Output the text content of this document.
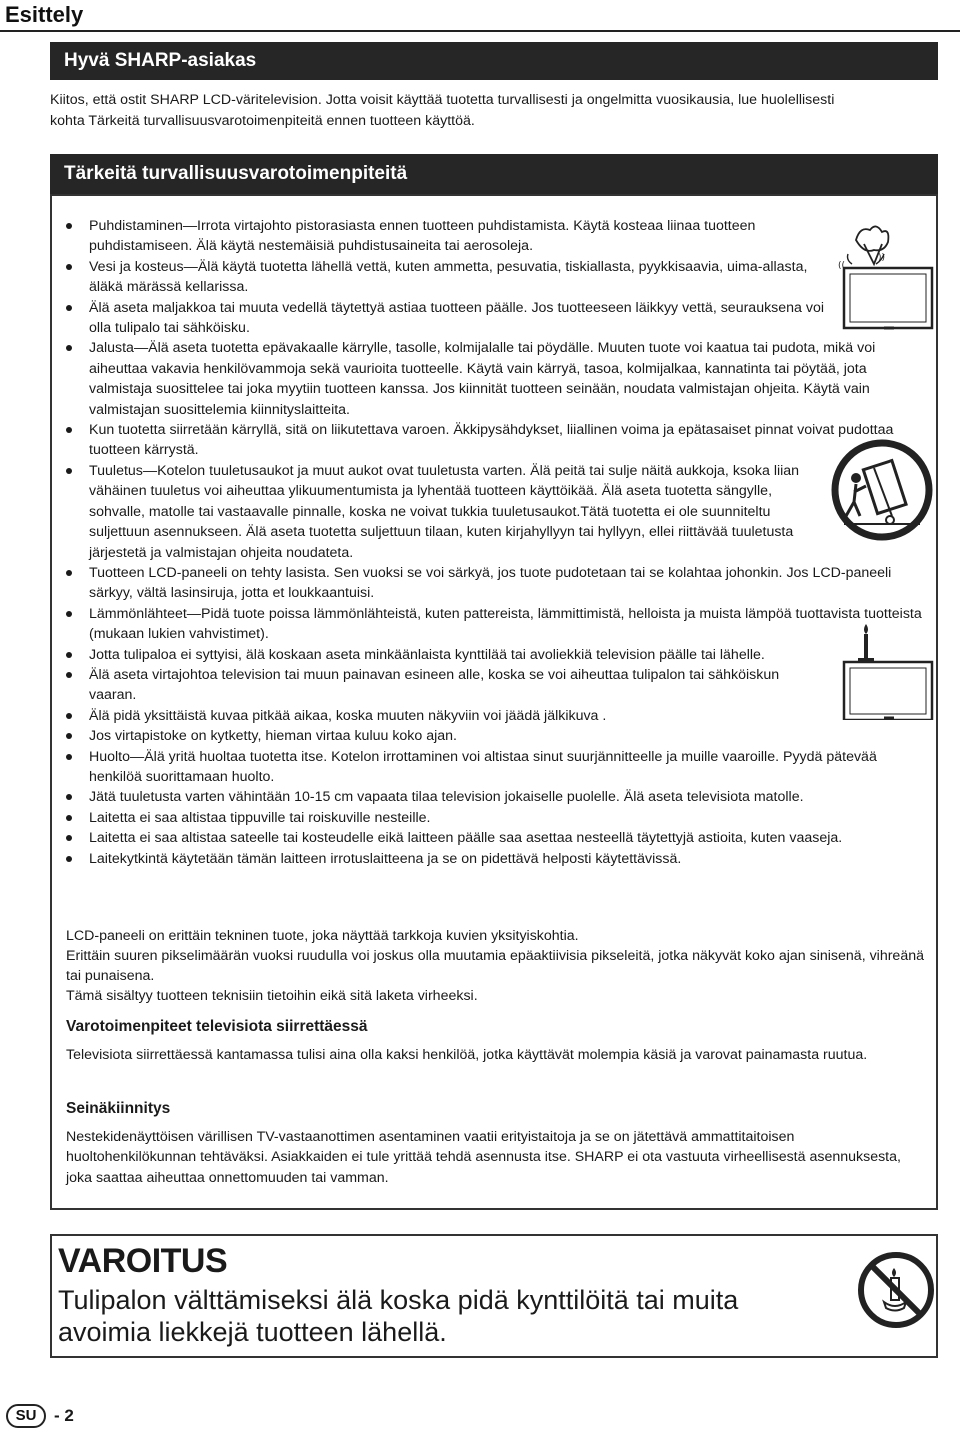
Esittely
Hyvä SHARP-asiakas
Kiitos, että ostit SHARP LCD-väritelevision. Jotta voisit käyttää tuotetta turvallisesti ja ongelmitta vuosikausia, lue huolellisesti
kohta Tärkeitä turvallisuusvarotoimenpiteitä ennen tuotteen käyttöä.
Tärkeitä turvallisuusvarotoimenpiteitä
Puhdistaminen—Irrota virtajohto pistorasiasta ennen tuotteen puhdistamista. Käytä kosteaa liinaa tuotteen puhdistamiseen. Älä käytä nestemäisiä puhdistusaineita tai aerosoleja.
Vesi ja kosteus—Älä käytä tuotetta lähellä vettä, kuten ammetta, pesuvatia, tiskiallasta, pyykkisaavia, uima-allasta, äläkä märässä kellarissa.
Älä aseta maljakkoa tai muuta vedellä täytettyä astiaa tuotteen päälle. Jos tuotteeseen läikkyy vettä, seurauksena voi olla tulipalo tai sähköisku.
Jalusta—Älä aseta tuotetta epävakaalle kärrylle, tasolle, kolmijalalle tai pöydälle. Muuten tuote voi kaatua tai pudota, mikä voi aiheuttaa vakavia henkilövammoja sekä vaurioita tuotteelle. Käytä vain kärryä, tasoa, kolmijalkaa, kannatinta tai pöytää, jota valmistaja suosittelee tai joka myytiin tuotteen kanssa. Jos kiinnität tuotteen seinään, noudata valmistajan ohjeita. Käytä vain valmistajan suosittelemia kiinnityslaitteita.
Kun tuotetta siirretään kärryllä, sitä on liikutettava varoen. Äkkipysähdykset, liiallinen voima ja epätasaiset pinnat voivat pudottaa tuotteen kärrystä.
Tuuletus—Kotelon tuuletusaukot ja muut aukot ovat tuuletusta varten. Älä peitä tai sulje näitä aukkoja, ksoka liian vähäinen tuuletus voi aiheuttaa ylikuumentumista ja lyhentää tuotteen käyttöikää. Älä aseta tuotetta sängylle, sohvalle, matolle tai vastaavalle pinnalle, koska ne voivat tukkia tuuletusaukot.Tätä tuotetta ei ole suunniteltu suljettuun asennukseen. Älä aseta tuotetta suljettuun tilaan, kuten kirjahyllyyn tai hyllyyn, ellei riittävää tuuletusta järjestetä ja valmistajan ohjeita noudateta.
Tuotteen LCD-paneeli on tehty lasista. Sen vuoksi se voi särkyä, jos tuote pudotetaan tai se kolahtaa johonkin. Jos LCD-paneeli särkyy, vältä lasinsiruja, jotta et loukkaantuisi.
Lämmönlähteet—Pidä tuote poissa lämmönlähteistä, kuten pattereista, lämmittimistä, helloista ja muista lämpöä tuottavista tuotteista (mukaan lukien vahvistimet).
Jotta tulipaloa ei syttyisi, älä koskaan aseta minkäänlaista kynttilää tai avoliekkiä television päälle tai lähelle.
Älä aseta virtajohtoa television tai muun painavan esineen alle, koska se voi aiheuttaa tulipalon tai sähköiskun vaaran.
Älä pidä yksittäistä kuvaa pitkää aikaa, koska muuten näkyviin voi jäädä jälkikuva .
Jos virtapistoke on kytketty, hieman virtaa kuluu koko ajan.
Huolto—Älä yritä huoltaa tuotetta itse. Kotelon irrottaminen voi altistaa sinut suurjännitteelle ja muille vaaroille. Pyydä pätevää henkilöä suorittamaan huolto.
Jätä tuuletusta varten vähintään 10-15 cm vapaata tilaa television jokaiselle puolelle. Älä aseta televisiota matolle.
Laitetta ei saa altistaa tippuville tai roiskuville nesteille.
Laitetta ei saa altistaa sateelle tai kosteudelle eikä laitteen päälle saa asettaa nesteellä täytettyjä astioita, kuten vaaseja.
Laitekytkintä käytetään tämän laitteen irrotuslaitteena ja se on pidettävä helposti käytettävissä.

LCD-paneeli on erittäin tekninen tuote, joka näyttää tarkkoja kuvien yksityiskohtia.

Erittäin suuren pikselimäärän vuoksi ruudulla voi joskus olla muutamia epäaktiivisia pikseleitä, jotka näkyvät koko ajan sinisenä, vihreänä tai punaisena.

Tämä sisältyy tuotteen teknisiin tietoihin eikä sitä laketa virheeksi.

Varotoimenpiteet televisiota siirrettäessä

Televisiota siirrettäessä kantamassa tulisi aina olla kaksi henkilöä, jotka käyttävät molempia käsiä ja varovat painamasta ruutua.

Seinäkiinnitys

Nestekidenäyttöisen värillisen TV-vastaanottimen asentaminen vaatii erityistaitoja ja se on jätettävä ammattitaitoisen huoltohenkilökunnan tehtäväksi. Asiakkaiden ei tule yrittää tehdä asennusta itse. SHARP ei ota vastuuta virheellisestä asennuksesta, joka saattaa aiheuttaa onnettomuuden tai vamman.

((
))
VAROITUS
Tulipalon välttämiseksi älä koska pidä kynttilöitä tai muita avoimia liekkejä tuotteen lähellä.
SU	- 2
